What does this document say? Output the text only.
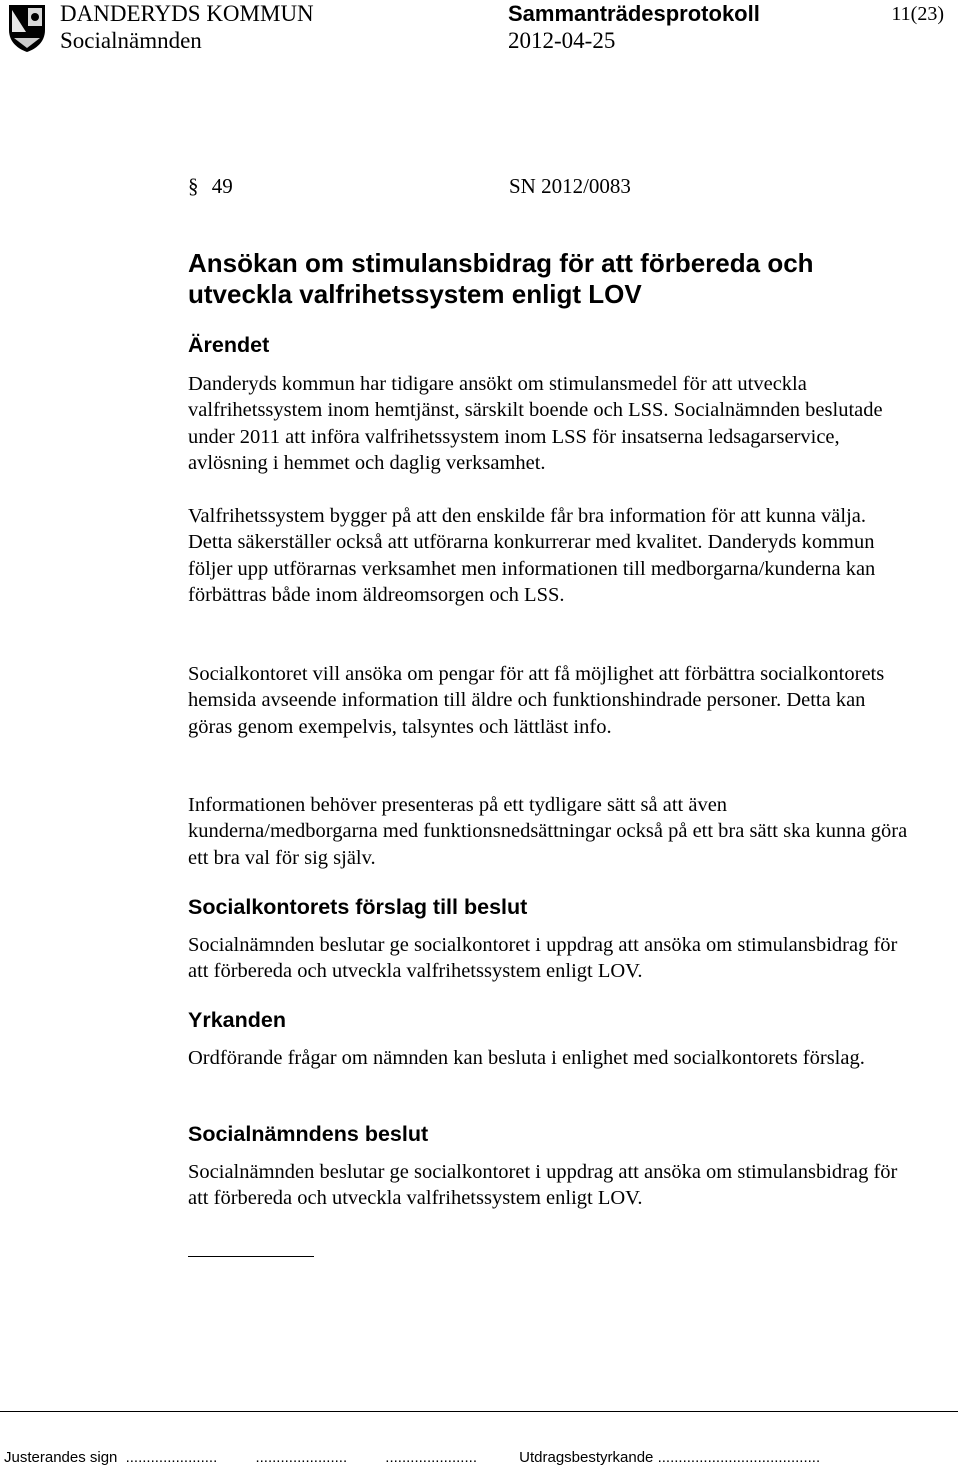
DANDERYDS KOMMUN
Socialnämnden
Sammanträdesprotokoll
2012-04-25
11(23)
§ 49	SN 2012/0083
Ansökan om stimulansbidrag för att förbereda och utveckla valfrihetssystem enligt LOV
Ärendet

Danderyds kommun har tidigare ansökt om stimulansmedel för att utveckla valfrihetssystem inom hemtjänst, särskilt boende och LSS. Socialnämnden beslutade under 2011 att införa valfrihetssystem inom LSS för insatserna ledsagarservice, avlösning i hemmet och daglig verksamhet.

Valfrihetssystem bygger på att den enskilde får bra information för att kunna välja. Detta säkerställer också att utförarna konkurrerar med kvalitet. Danderyds kommun följer upp utförarnas verksamhet men informationen till medborgarna/kunderna kan förbättras både inom äldreomsorgen och LSS.

Socialkontoret vill ansöka om pengar för att få möjlighet att förbättra socialkontorets hemsida avseende information till äldre och funktionshindrade personer. Detta kan göras genom exempelvis, talsyntes och lättläst info.

Informationen behöver presenteras på ett tydligare sätt så att även kunderna/medborgarna med funktionsnedsättningar också på ett bra sätt ska kunna göra ett bra val för sig själv.

Socialkontorets förslag till beslut

Socialnämnden beslutar ge socialkontoret i uppdrag att ansöka om stimulansbidrag för att förbereda och utveckla valfrihetssystem enligt LOV.

Yrkanden

Ordförande frågar om nämnden kan besluta i enlighet med socialkontorets förslag.

Socialnämndens beslut

Socialnämnden beslutar ge socialkontoret i uppdrag att ansöka om stimulansbidrag för att förbereda och utveckla valfrihetssystem enligt LOV.

Justerandes sign ......................	......................	......................	Utdragsbestyrkande .......................................
